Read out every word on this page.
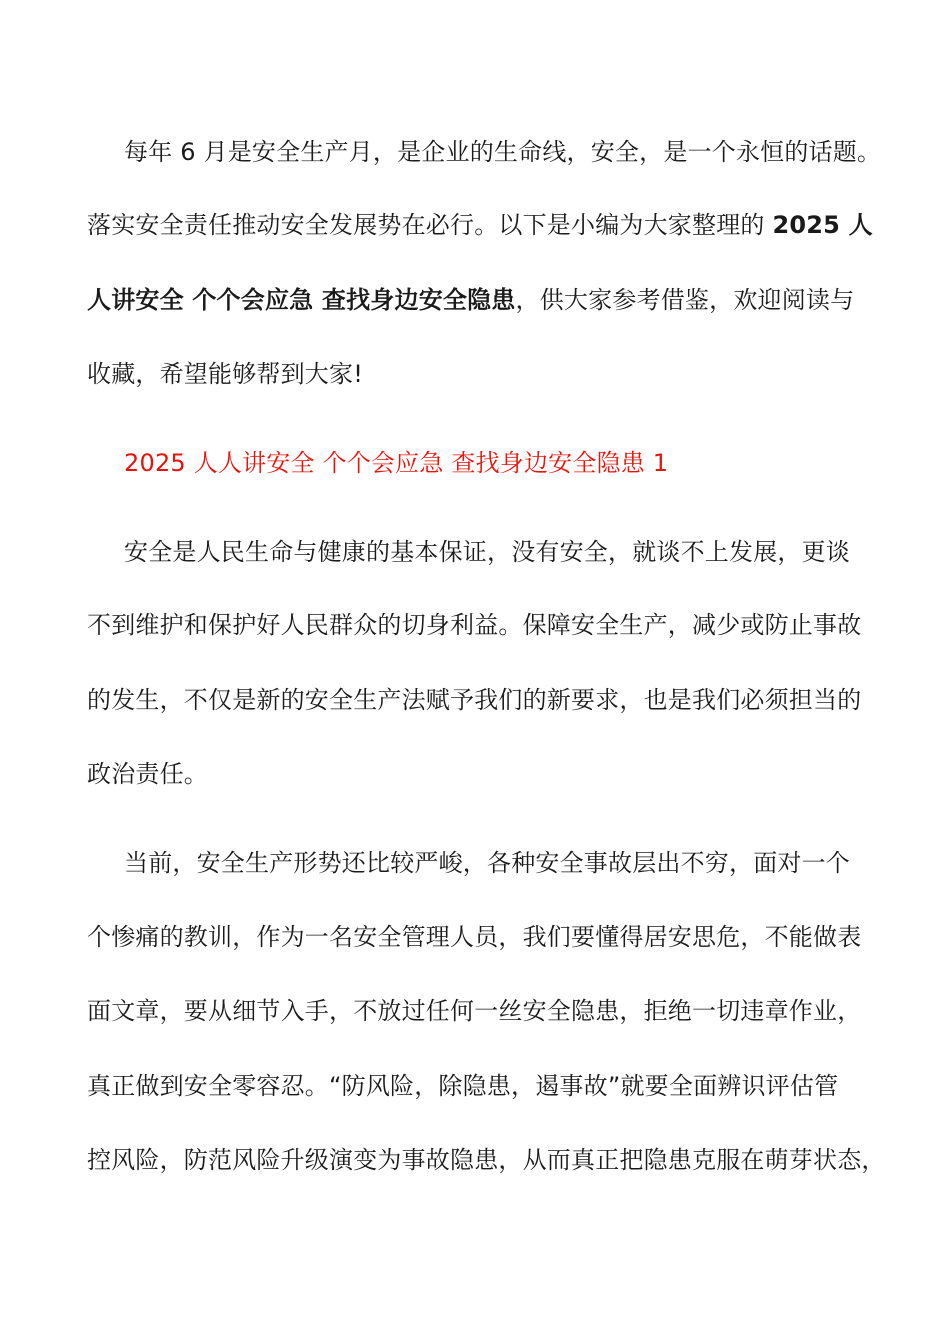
每年 6 月是安全生产月，是企业的生命线，安全，是一个永恒的话题。
落实安全责任推动安全发展势在必行。以下是小编为大家整理的 2025 人
人讲安全 个个会应急 查找身边安全隐患，供大家参考借鉴，欢迎阅读与
收藏，希望能够帮到大家!
2025 人人讲安全 个个会应急 查找身边安全隐患 1
安全是人民生命与健康的基本保证，没有安全，就谈不上发展，更谈
不到维护和保护好人民群众的切身利益。保障安全生产，减少或防止事故
的发生，不仅是新的安全生产法赋予我们的新要求，也是我们必须担当的
政治责任。
当前，安全生产形势还比较严峻，各种安全事故层出不穷，面对一个
个惨痛的教训，作为一名安全管理人员，我们要懂得居安思危，不能做表
面文章，要从细节入手，不放过任何一丝安全隐患，拒绝一切违章作业，
真正做到安全零容忍。“防风险，除隐患，遏事故”就要全面辨识评估管
控风险，防范风险升级演变为事故隐患，从而真正把隐患克服在萌芽状态，
